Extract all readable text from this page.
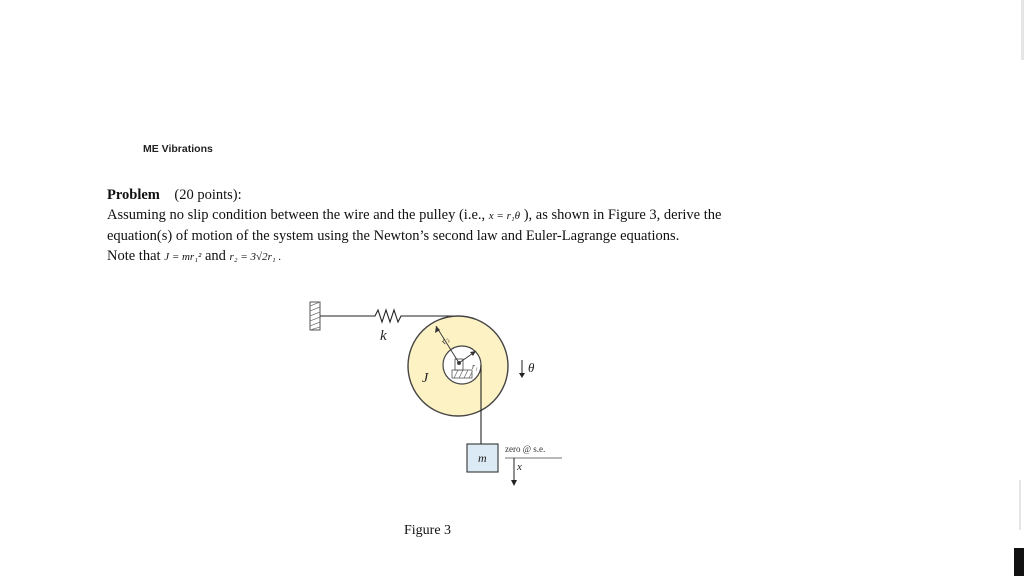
ME Vibrations

Problem (20 points):

Assuming no slip condition between the wire and the pulley (i.e., x = r₁θ ), as shown in Figure 3, derive the equation(s) of motion of the system using the Newton’s second law and Euler-Lagrange equations.

Note that J = mr₁² and r₂ = 3√2r₁ .

k	r₂
r₁
J
θ
m
zero @ s.e.
x
Figure 3
